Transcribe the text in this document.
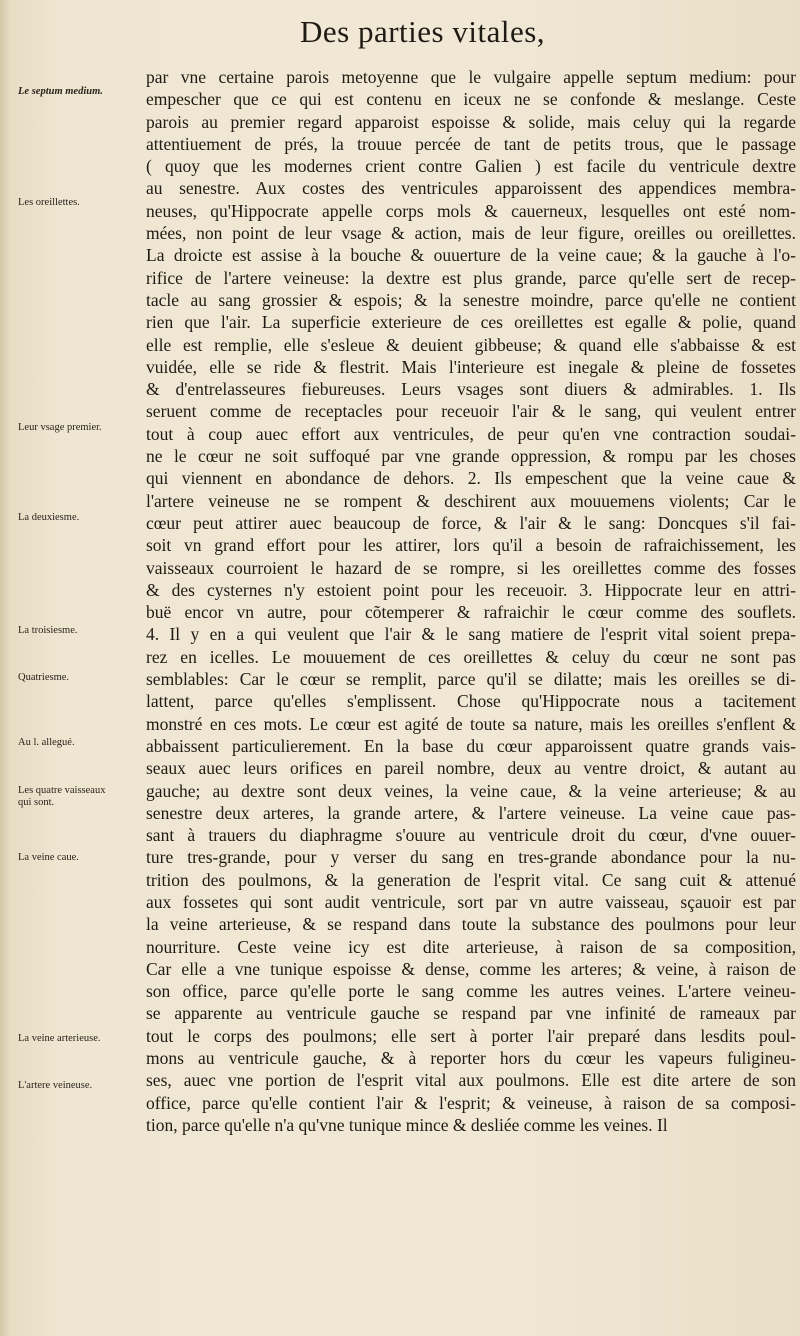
Des parties vitales,
Le septum medium.
Les oreillettes.
Leur vsage premier.
La deuxiesme.
La troisiesme.
Quatriesme.
Au l. allegué.
Les quatre vaisseaux qui sont.
La veine caue.
La veine arterieuse.
L'artere veineuse.
par vne certaine parois metoyenne que le vulgaire appelle septum medium: pour
empescher que ce qui est contenu en iceux ne se confonde & meslange. Ceste
parois au premier regard apparoist espoisse & solide, mais celuy qui la regarde
attentiuement de prés, la trouue percée de tant de petits trous, que le passage
( quoy que les modernes crient contre Galien ) est facile du ventricule dextre
au senestre. Aux costes des ventricules apparoissent des appendices membra-
neuses, qu'Hippocrate appelle corps mols & cauerneux, lesquelles ont esté nom-
mées, non point de leur vsage & action, mais de leur figure, oreilles ou oreillettes.
La droicte est assise à la bouche & ouuerture de la veine caue; & la gauche à l'o-
rifice de l'artere veineuse: la dextre est plus grande, parce qu'elle sert de recep-
tacle au sang grossier & espois; & la senestre moindre, parce qu'elle ne contient
rien que l'air. La superficie exterieure de ces oreillettes est egalle & polie, quand
elle est remplie, elle s'esleue & deuient gibbeuse; & quand elle s'abbaisse & est
vuidée, elle se ride & flestrit. Mais l'interieure est inegale & pleine de fossetes
& d'entrelasseures fiebureuses. Leurs vsages sont diuers & admirables. 1. Ils
seruent comme de receptacles pour receuoir l'air & le sang, qui veulent entrer
tout à coup auec effort aux ventricules, de peur qu'en vne contraction soudai-
ne le cœur ne soit suffoqué par vne grande oppression, & rompu par les choses
qui viennent en abondance de dehors. 2. Ils empeschent que la veine caue &
l'artere veineuse ne se rompent & deschirent aux mouuemens violents; Car le
cœur peut attirer auec beaucoup de force, & l'air & le sang: Doncques s'il fai-
soit vn grand effort pour les attirer, lors qu'il a besoin de rafraichissement, les
vaisseaux courroient le hazard de se rompre, si les oreillettes comme des fosses
& des cysternes n'y estoient point pour les receuoir. 3. Hippocrate leur en attri-
buë encor vn autre, pour cõtemperer & rafraichir le cœur comme des souflets.
4. Il y en a qui veulent que l'air & le sang matiere de l'esprit vital soient prepa-
rez en icelles. Le mouuement de ces oreillettes & celuy du cœur ne sont pas
semblables: Car le cœur se remplit, parce qu'il se dilatte; mais les oreilles se di-
lattent, parce qu'elles s'emplissent. Chose qu'Hippocrate nous a tacitement
monstré en ces mots. Le cœur est agité de toute sa nature, mais les oreilles s'enflent &
abbaissent particulierement. En la base du cœur apparoissent quatre grands vais-
seaux auec leurs orifices en pareil nombre, deux au ventre droict, & autant au
gauche; au dextre sont deux veines, la veine caue, & la veine arterieuse; & au
senestre deux arteres, la grande artere, & l'artere veineuse. La veine caue pas-
sant à trauers du diaphragme s'ouure au ventricule droit du cœur, d'vne ouuer-
ture tres-grande, pour y verser du sang en tres-grande abondance pour la nu-
trition des poulmons, & la generation de l'esprit vital. Ce sang cuit & attenué
aux fossetes qui sont audit ventricule, sort par vn autre vaisseau, sçauoir est par
la veine arterieuse, & se respand dans toute la substance des poulmons pour leur
nourriture. Ceste veine icy est dite arterieuse, à raison de sa composition,
Car elle a vne tunique espoisse & dense, comme les arteres; & veine, à raison de
son office, parce qu'elle porte le sang comme les autres veines. L'artere veineu-
se apparente au ventricule gauche se respand par vne infinité de rameaux par
tout le corps des poulmons; elle sert à porter l'air preparé dans lesdits poul-
mons au ventricule gauche, & à reporter hors du cœur les vapeurs fuligineu-
ses, auec vne portion de l'esprit vital aux poulmons. Elle est dite artere de son
office, parce qu'elle contient l'air & l'esprit; & veineuse, à raison de sa composi-
tion, parce qu'elle n'a qu'vne tunique mince & desliée comme les veines. Il
